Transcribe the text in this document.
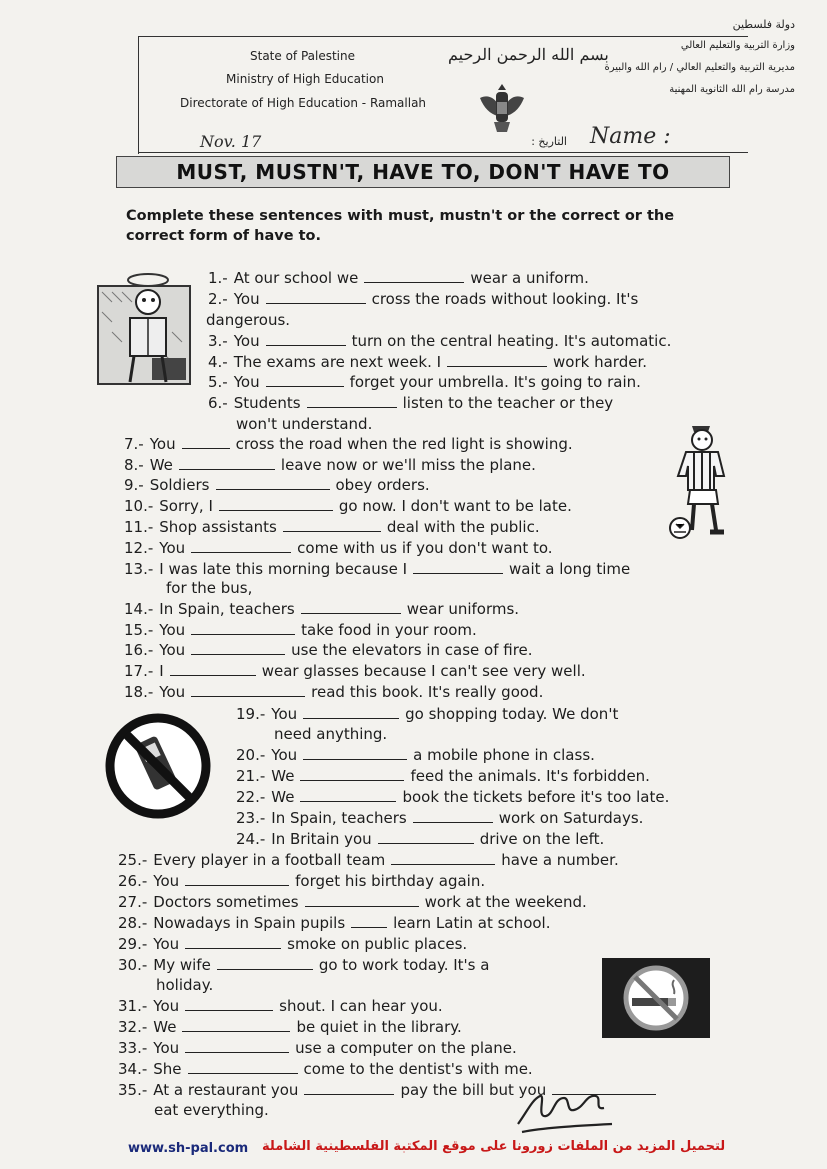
State of Palestine
Ministry of High Education
Directorate of High Education - Ramallah
دولة فلسطين
وزارة التربية والتعليم العالي
مديرية التربية والتعليم العالي / رام الله والبيرة
مدرسة رام الله الثانوية المهنية
بسم الله الرحمن الرحيم
Nov. 17	التاريخ : Name :
MUST, MUSTN'T, HAVE TO, DON'T HAVE TO
Complete these sentences with must, mustn't or the correct or the correct form of have to.
1.- At our school we	wear a uniform.
2.- You	cross the roads without looking. It's
dangerous.
3.- You	turn on the central heating. It's automatic.
4.- The exams are next week. I	work harder.
5.- You	forget your umbrella. It's going to rain.
6.- Students	listen to the teacher or they
won't understand.
7.- You	cross the road when the red light is showing.
8.- We	leave now or we'll miss the plane.
9.- Soldiers	obey orders.
10.- Sorry, I	go now. I don't want to be late.
11.- Shop assistants	deal with the public.
12.- You	come with us if you don't want to.
13.- I was late this morning because I	wait a long time
for the bus,
14.- In Spain, teachers	wear uniforms.
15.- You	take food in your room.
16.- You	use the elevators in case of fire.
17.- I	wear glasses because I can't see very well.
18.- You	read this book. It's really good.
19.- You	go shopping today. We don't
need anything.
20.- You	a mobile phone in class.
21.- We	feed the animals. It's forbidden.
22.- We	book the tickets before it's too late.
23.- In Spain, teachers	work on Saturdays.
24.- In Britain you	drive on the left.
25.- Every player in a football team	have a number.
26.- You	forget his birthday again.
27.- Doctors sometimes	work at the weekend.
28.- Nowadays in Spain pupils	learn Latin at school.
29.- You	smoke on public places.
30.- My wife	go to work today. It's a
holiday.
31.- You	shout. I can hear you.
32.- We	be quiet in the library.
33.- You	use a computer on the plane.
34.- She	come to the dentist's with me.
35.- At a restaurant you	pay the bill but you
eat everything.
www.sh-pal.com لتحميل المزيد من الملفات زورونا على موقع المكتبة الفلسطينية الشاملة
